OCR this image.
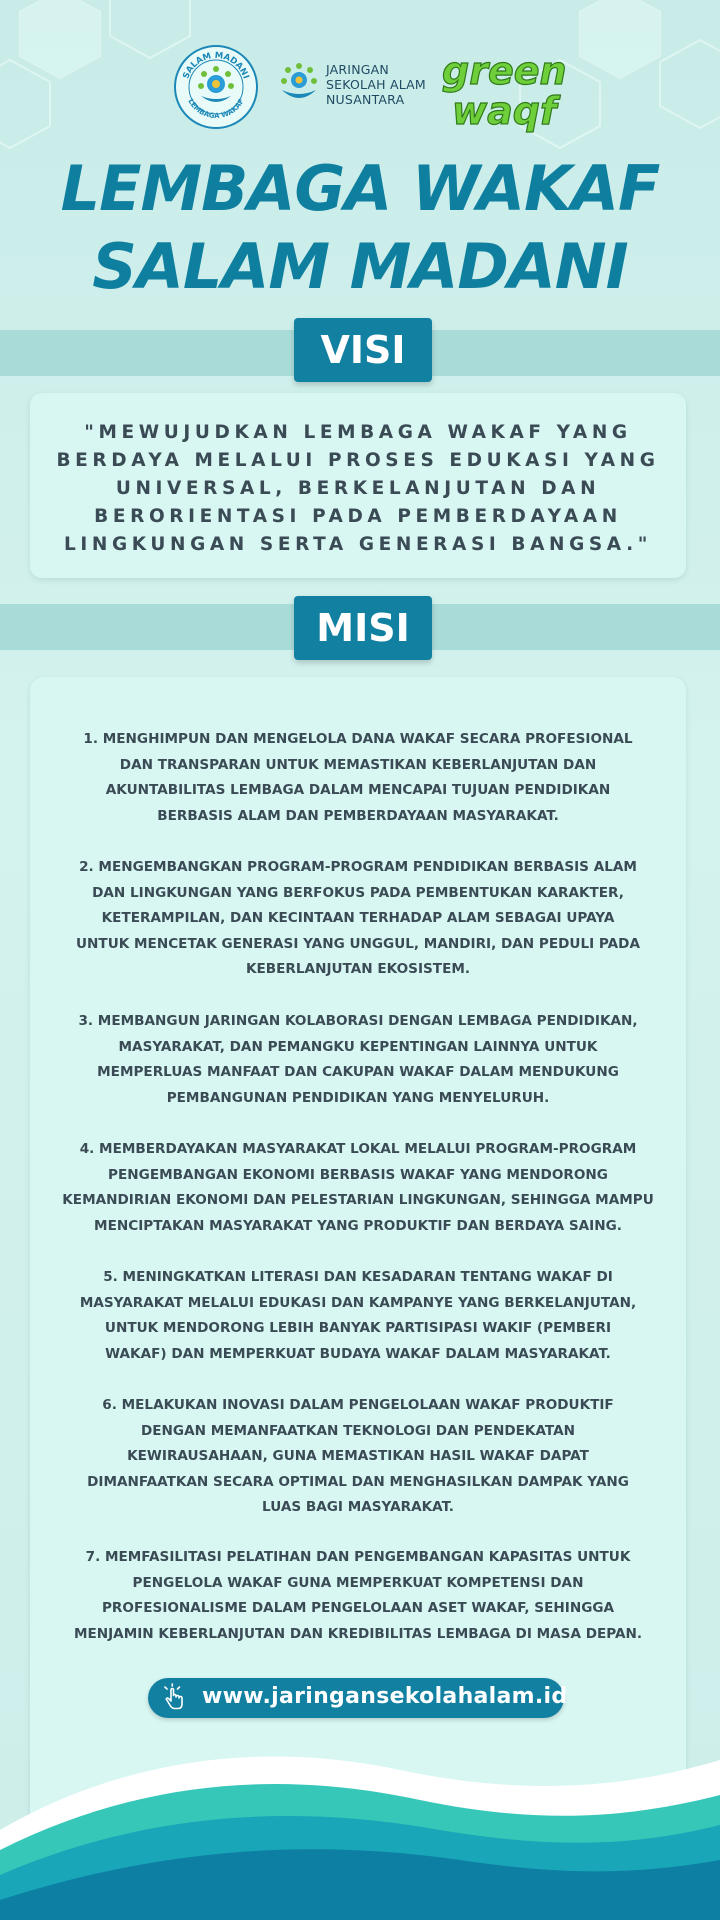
SALAM MADANI
LEMBAGA WAKAF
JARINGAN
SEKOLAH ALAM
NUSANTARA
green
waqf
LEMBAGA WAKAF
SALAM MADANI
VISI
"MEWUJUDKAN LEMBAGA WAKAF YANG
BERDAYA MELALUI PROSES EDUKASI YANG
UNIVERSAL, BERKELANJUTAN DAN
BERORIENTASI PADA PEMBERDAYAAN
LINGKUNGAN SERTA GENERASI BANGSA."
MISI
1. MENGHIMPUN DAN MENGELOLA DANA WAKAF SECARA PROFESIONAL
DAN TRANSPARAN UNTUK MEMASTIKAN KEBERLANJUTAN DAN
AKUNTABILITAS LEMBAGA DALAM MENCAPAI TUJUAN PENDIDIKAN
BERBASIS ALAM DAN PEMBERDAYAAN MASYARAKAT.
2. MENGEMBANGKAN PROGRAM-PROGRAM PENDIDIKAN BERBASIS ALAM
DAN LINGKUNGAN YANG BERFOKUS PADA PEMBENTUKAN KARAKTER,
KETERAMPILAN, DAN KECINTAAN TERHADAP ALAM SEBAGAI UPAYA
UNTUK MENCETAK GENERASI YANG UNGGUL, MANDIRI, DAN PEDULI PADA
KEBERLANJUTAN EKOSISTEM.
3. MEMBANGUN JARINGAN KOLABORASI DENGAN LEMBAGA PENDIDIKAN,
MASYARAKAT, DAN PEMANGKU KEPENTINGAN LAINNYA UNTUK
MEMPERLUAS MANFAAT DAN CAKUPAN WAKAF DALAM MENDUKUNG
PEMBANGUNAN PENDIDIKAN YANG MENYELURUH.
4. MEMBERDAYAKAN MASYARAKAT LOKAL MELALUI PROGRAM-PROGRAM
PENGEMBANGAN EKONOMI BERBASIS WAKAF YANG MENDORONG
KEMANDIRIAN EKONOMI DAN PELESTARIAN LINGKUNGAN, SEHINGGA MAMPU
MENCIPTAKAN MASYARAKAT YANG PRODUKTIF DAN BERDAYA SAING.
5. MENINGKATKAN LITERASI DAN KESADARAN TENTANG WAKAF DI
MASYARAKAT MELALUI EDUKASI DAN KAMPANYE YANG BERKELANJUTAN,
UNTUK MENDORONG LEBIH BANYAK PARTISIPASI WAKIF (PEMBERI
WAKAF) DAN MEMPERKUAT BUDAYA WAKAF DALAM MASYARAKAT.
6. MELAKUKAN INOVASI DALAM PENGELOLAAN WAKAF PRODUKTIF
DENGAN MEMANFAATKAN TEKNOLOGI DAN PENDEKATAN
KEWIRAUSAHAAN, GUNA MEMASTIKAN HASIL WAKAF DAPAT
DIMANFAATKAN SECARA OPTIMAL DAN MENGHASILKAN DAMPAK YANG
LUAS BAGI MASYARAKAT.
7. MEMFASILITASI PELATIHAN DAN PENGEMBANGAN KAPASITAS UNTUK
PENGELOLA WAKAF GUNA MEMPERKUAT KOMPETENSI DAN
PROFESIONALISME DALAM PENGELOLAAN ASET WAKAF, SEHINGGA
MENJAMIN KEBERLANJUTAN DAN KREDIBILITAS LEMBAGA DI MASA DEPAN.
www.jaringansekolahalam.id
